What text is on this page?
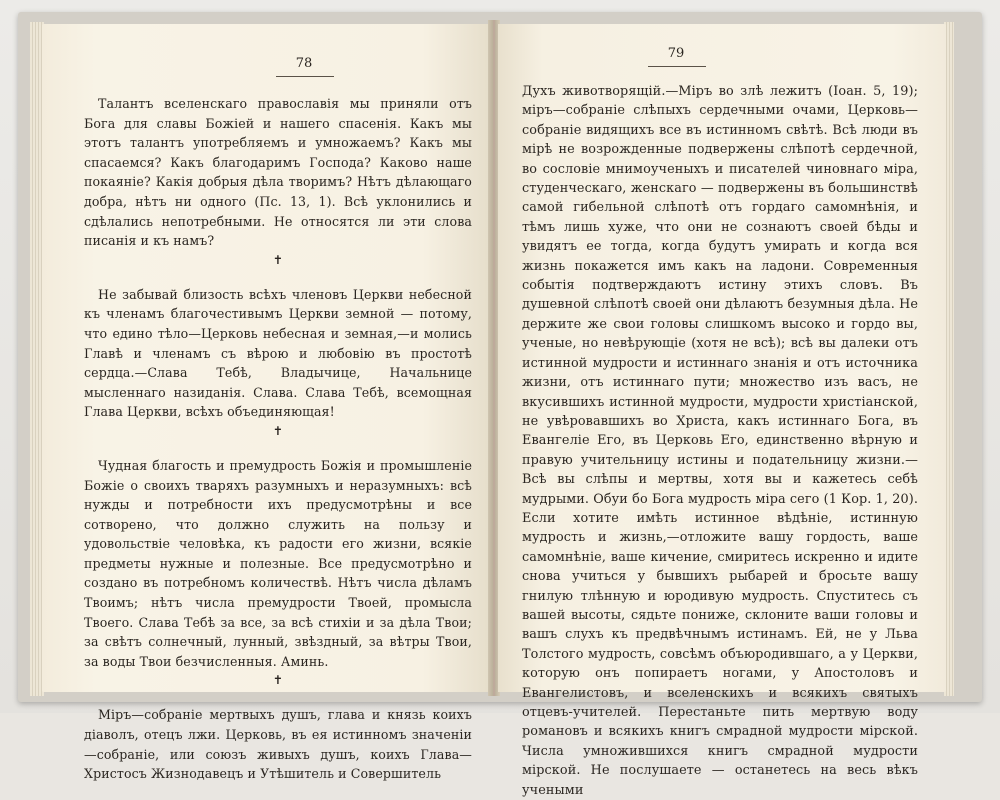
78

Талантъ вселенскаго православія мы приняли отъ Бога для славы Божіей и нашего спасенія. Какъ мы этотъ талантъ употребляемъ и умножаемъ? Какъ мы спасаемся? Какъ благодаримъ Господа? Каково наше покаяніе? Какія добрыя дѣла творимъ? Нѣтъ дѣлающаго добра, нѣтъ ни одного (Пс. 13, 1). Всѣ уклонились и сдѣлались непотребными. Не относятся ли эти слова писанія и къ намъ?

✝

Не забывай близость всѣхъ членовъ Церкви небесной къ членамъ благочестивымъ Церкви земной — потому, что едино тѣло—Церковь небесная и земная,—и молись Главѣ и членамъ съ вѣрою и любовію въ простотѣ сердца.—Слава Тебѣ, Владычице, Начальнице мысленнаго назиданія. Слава. Слава Тебѣ, всемощная Глава Церкви, всѣхъ объединяющая!

✝

Чудная благость и премудрость Божія и промышленіе Божіе о своихъ тваряхъ разумныхъ и неразумныхъ: всѣ нужды и потребности ихъ предусмотрѣны и все сотворено, что должно служить на пользу и удовольствіе человѣка, къ радости его жизни, всякіе предметы нужные и полезные. Все предусмотрѣно и создано въ потребномъ количествѣ. Нѣтъ числа дѣламъ Твоимъ; нѣтъ числа премудрости Твоей, промысла Твоего. Слава Тебѣ за все, за всѣ стихіи и за дѣла Твои; за свѣтъ солнечный, лунный, звѣздный, за вѣтры Твои, за воды Твои безчисленныя. Аминь.

✝

Міръ—собраніе мертвыхъ душъ, глава и князь коихъ діаволъ, отецъ лжи. Церковь, въ ея истинномъ значеніи—собраніе, или союзъ живыхъ душъ, коихъ Глава—Христосъ Жизнодавецъ и Утѣшитель и Совершитель

79

Духъ животворящій.—Міръ во злѣ лежитъ (Іоан. 5, 19); міръ—собраніе слѣпыхъ сердечными очами, Церковь—собраніе видящихъ все въ истинномъ свѣтѣ. Всѣ люди въ мірѣ не возрожденные подвержены слѣпотѣ сердечной, во сословіе мнимоученыхъ и писателей чиновнаго міра, студенческаго, женскаго — подвержены въ большинствѣ самой гибельной слѣпотѣ отъ гордаго самомнѣнія, и тѣмъ лишь хуже, что они не сознаютъ своей бѣды и увидятъ ее тогда, когда будутъ умирать и когда вся жизнь покажется имъ какъ на ладони. Современныя событія подтверждаютъ истину этихъ словъ. Въ душевной слѣпотѣ своей они дѣлаютъ безумныя дѣла. Не держите же свои головы слишкомъ высоко и гордо вы, ученые, но невѣрующіе (хотя не всѣ); всѣ вы далеки отъ истинной мудрости и истиннаго знанія и отъ источника жизни, отъ истиннаго пути; множество изъ васъ, не вкусившихъ истинной мудрости, мудрости христіанской, не увѣровавшихъ во Христа, какъ истиннаго Бога, въ Евангеліе Его, въ Церковь Его, единственно вѣрную и правую учительницу истины и подательницу жизни.—Всѣ вы слѣпы и мертвы, хотя вы и кажетесь себѣ мудрыми. Обуи бо Бога мудрость міра сего (1 Кор. 1, 20). Если хотите имѣть истинное вѣдѣніе, истинную мудрость и жизнь,—отложите вашу гордость, ваше самомнѣніе, ваше кичение, смиритесь искренно и идите снова учиться у бывшихъ рыбарей и бросьте вашу гнилую тлѣнную и юродивую мудрость. Спуститесь съ вашей высоты, сядьте пониже, склоните ваши головы и вашъ слухъ къ предвѣчнымъ истинамъ. Ей, не у Льва Толстого мудрость, совсѣмъ объюродившаго, а у Церкви, которую онъ попираетъ ногами, у Апостоловъ и Евангелистовъ, и вселенскихъ и всякихъ святыхъ отцевъ-учителей. Перестаньте пить мертвую воду романовъ и всякихъ книгъ смрадной мудрости мірской. Числа умножившихся книгъ смрадной мудрости мірской. Не послушаете — останетесь на весь вѣкъ учеными
